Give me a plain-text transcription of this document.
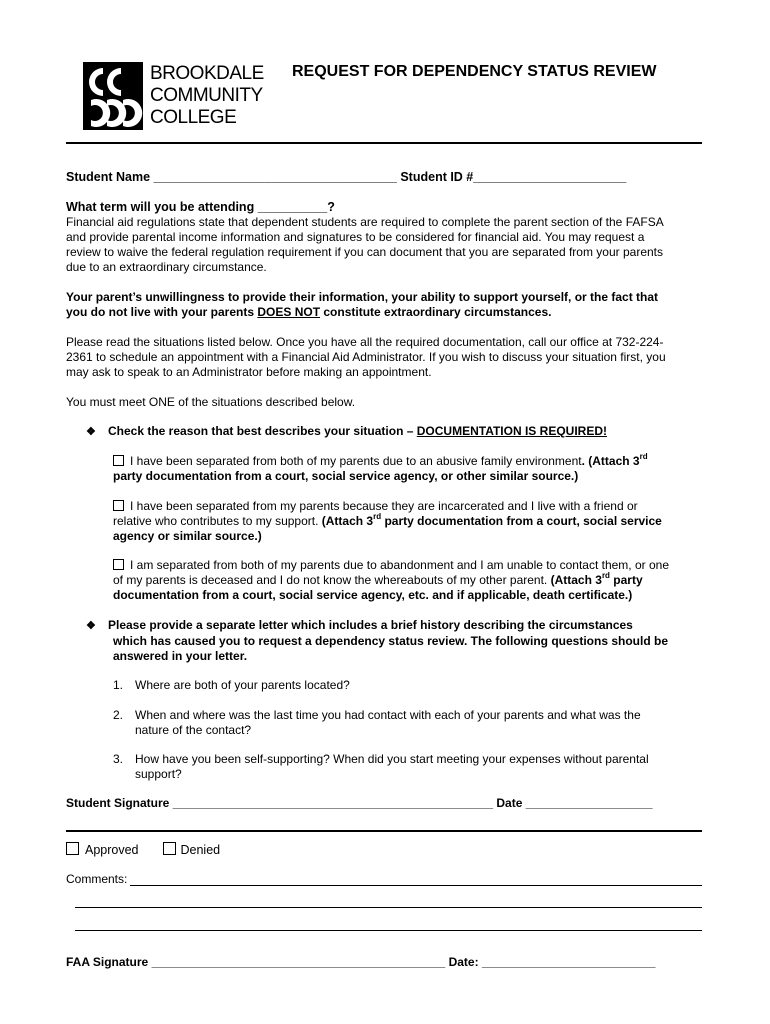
BROOKDALE
COMMUNITY
COLLEGE
REQUEST FOR DEPENDENCY STATUS REVIEW
Student Name ___________________________________ Student ID #______________________
What term will you be attending __________?
Financial aid regulations state that dependent students are required to complete the parent section of the FAFSA
and provide parental income information and signatures to be considered for financial aid. You may request a
review to waive the federal regulation requirement if you can document that you are separated from your parents
due to an extraordinary circumstance.
Your parent’s unwillingness to provide their information, your ability to support yourself, or the fact that
you do not live with your parents DOES NOT constitute extraordinary circumstances.
Please read the situations listed below. Once you have all the required documentation, call our office at 732-224-
2361 to schedule an appointment with a Financial Aid Administrator. If you wish to discuss your situation first, you
may ask to speak to an Administrator before making an appointment.
You must meet ONE of the situations described below.
❖ Check the reason that best describes your situation – DOCUMENTATION IS REQUIRED!
I have been separated from both of my parents due to an abusive family environment. (Attach 3rd
party documentation from a court, social service agency, or other similar source.)
I have been separated from my parents because they are incarcerated and I live with a friend or
relative who contributes to my support. (Attach 3rd party documentation from a court, social service
agency or similar source.)
I am separated from both of my parents due to abandonment and I am unable to contact them, or one
of my parents is deceased and I do not know the whereabouts of my other parent. (Attach 3rd party
documentation from a court, social service agency, etc. and if applicable, death certificate.)
❖ Please provide a separate letter which includes a brief history describing the circumstances
which has caused you to request a dependency status review. The following questions should be
answered in your letter.
1. Where are both of your parents located?
2. When and where was the last time you had contact with each of your parents and what was the
nature of the contact?
3. How have you been self-supporting? When did you start meeting your expenses without parental
support?
Student Signature ________________________________________________ Date ___________________
Approved	Denied
Comments:
FAA Signature ____________________________________________ Date: __________________________
